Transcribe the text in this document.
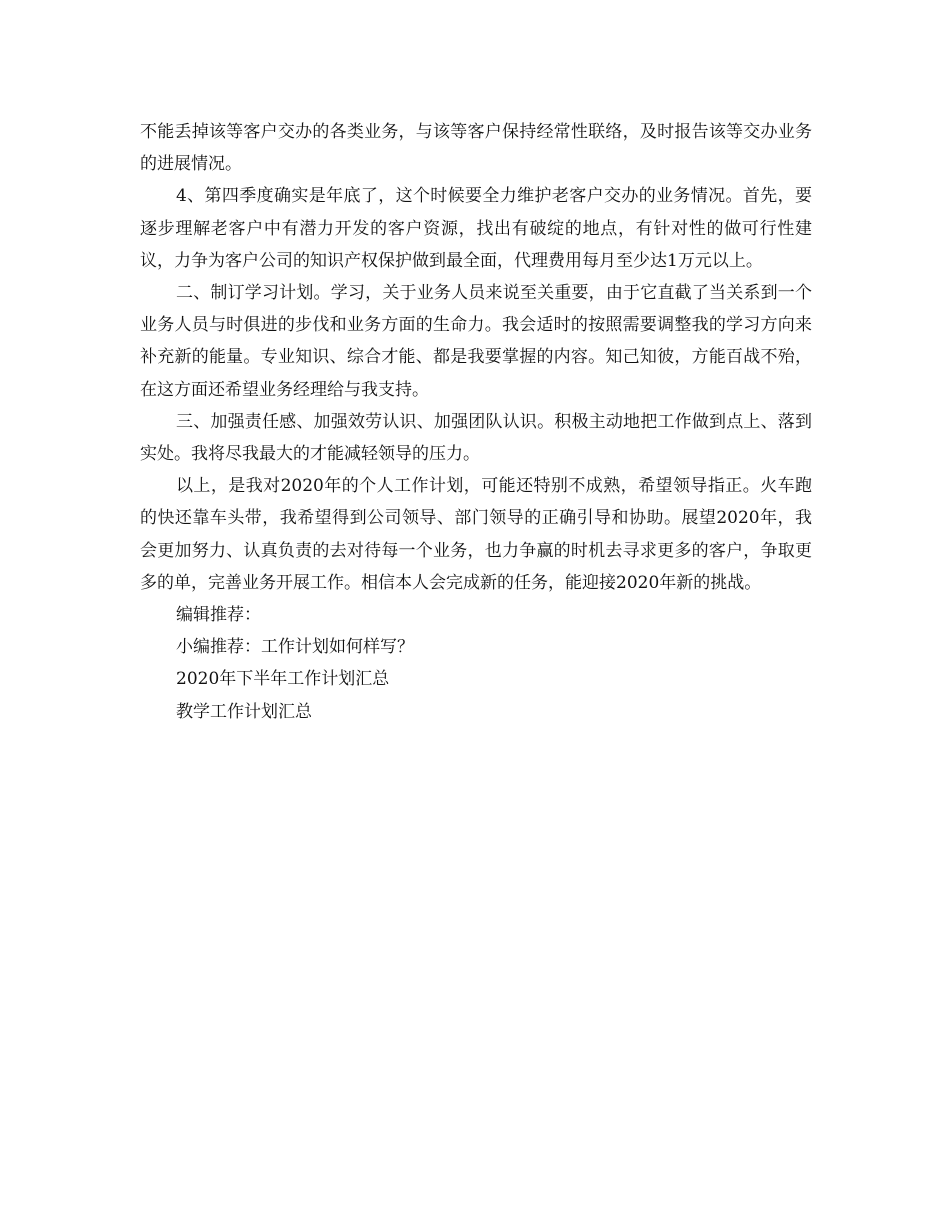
不能丢掉该等客户交办的各类业务，与该等客户保持经常性联络，及时报告该等交办业务的进展情况。

4、第四季度确实是年底了，这个时候要全力维护老客户交办的业务情况。首先，要逐步理解老客户中有潜力开发的客户资源，找出有破绽的地点，有针对性的做可行性建议，力争为客户公司的知识产权保护做到最全面，代理费用每月至少达1万元以上。

二、制订学习计划。学习，关于业务人员来说至关重要，由于它直截了当关系到一个业务人员与时俱进的步伐和业务方面的生命力。我会适时的按照需要调整我的学习方向来补充新的能量。专业知识、综合才能、都是我要掌握的内容。知己知彼，方能百战不殆，在这方面还希望业务经理给与我支持。

三、加强责任感、加强效劳认识、加强团队认识。积极主动地把工作做到点上、落到实处。我将尽我最大的才能减轻领导的压力。

以上，是我对2020年的个人工作计划，可能还特别不成熟，希望领导指正。火车跑的快还靠车头带，我希望得到公司领导、部门领导的正确引导和协助。展望2020年，我会更加努力、认真负责的去对待每一个业务，也力争赢的时机去寻求更多的客户，争取更多的单，完善业务开展工作。相信本人会完成新的任务，能迎接2020年新的挑战。

编辑推荐：

小编推荐：工作计划如何样写？

2020年下半年工作计划汇总

教学工作计划汇总
